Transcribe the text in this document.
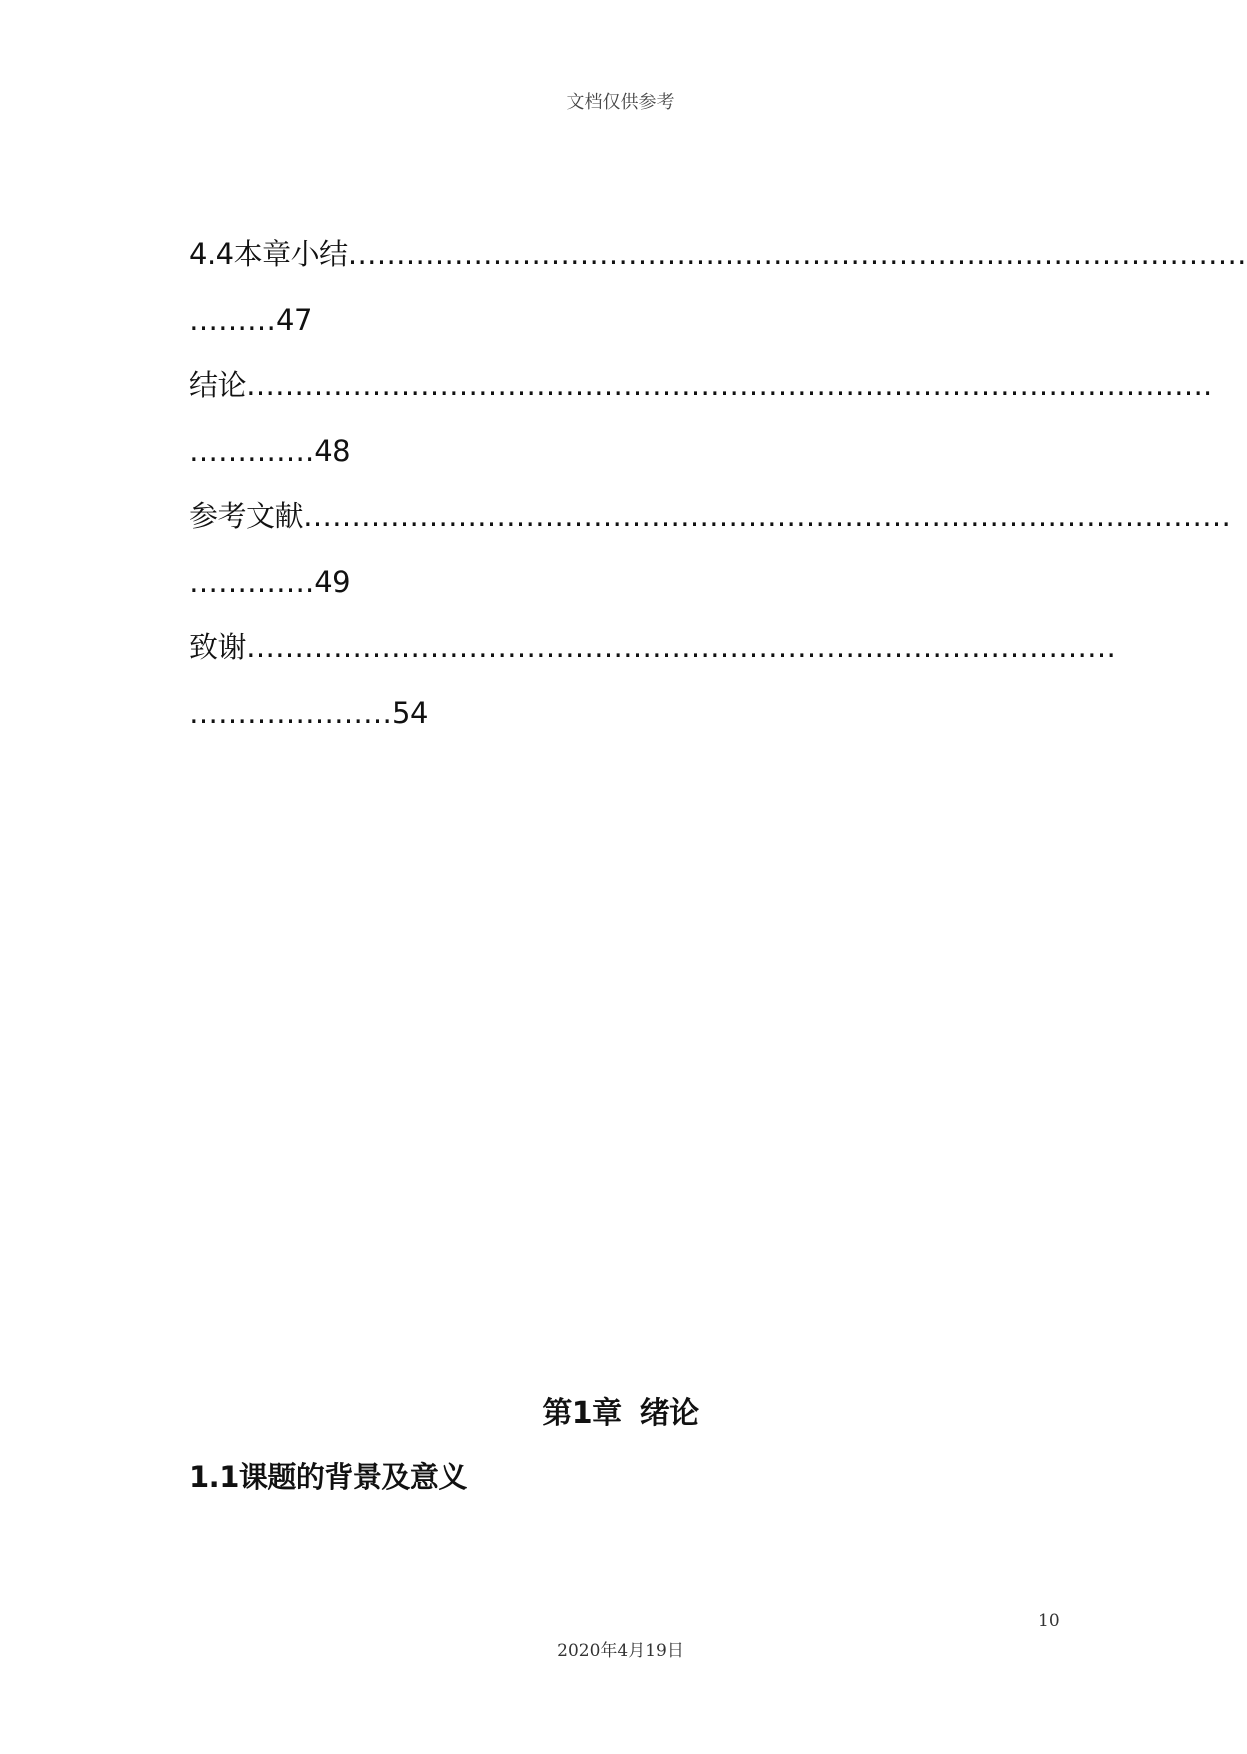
文档仅供参考
4.4本章小结…………………………………………………………………………………
………47
结论……………………………………………………………………………………….
………….48
参考文献……………………………………………………………………………………
………….49
致谢………………………………………………………………………………
…………………54
第1章 绪论
1.1课题的背景及意义
10
2020年4月19日
